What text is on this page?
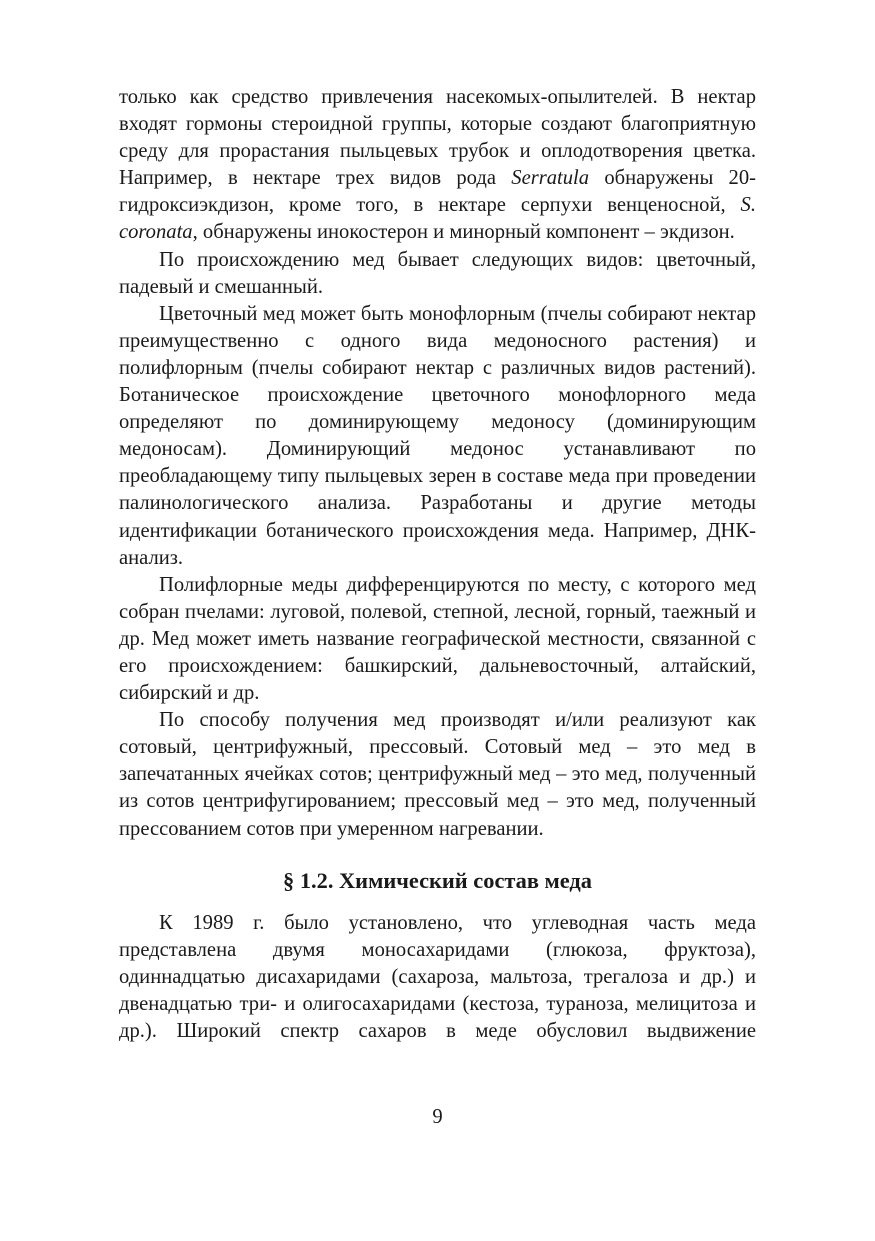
только как средство привлечения насекомых-опылителей. В нектар входят гормоны стероидной группы, которые создают благоприятную среду для прорастания пыльцевых трубок и оплодотворения цветка. Например, в нектаре трех видов рода Serratula обнаружены 20-гидроксиэкдизон, кроме того, в нектаре серпухи венценосной, S. coronata, обнаружены инокостерон и минорный компонент – экдизон.

По происхождению мед бывает следующих видов: цветочный, падевый и смешанный.

Цветочный мед может быть монофлорным (пчелы собирают нектар преимущественно с одного вида медоносного растения) и полифлорным (пчелы собирают нектар с различных видов растений). Ботаническое происхождение цветочного монофлорного меда определяют по доминирующему медоносу (доминирующим медоносам). Доминирующий медонос устанавливают по преобладающему типу пыльцевых зерен в составе меда при проведении палинологического анализа. Разработаны и другие методы идентификации ботанического происхождения меда. Например, ДНК-анализ.

Полифлорные меды дифференцируются по месту, с которого мед собран пчелами: луговой, полевой, степной, лесной, горный, таежный и др. Мед может иметь название географической местности, связанной с его происхождением: башкирский, дальневосточный, алтайский, сибирский и др.

По способу получения мед производят и/или реализуют как сотовый, центрифужный, прессовый. Сотовый мед – это мед в запечатанных ячейках сотов; центрифужный мед – это мед, полученный из сотов центрифугированием; прессовый мед – это мед, полученный прессованием сотов при умеренном нагревании.

§ 1.2. Химический состав меда

К 1989 г. было установлено, что углеводная часть меда представлена двумя моносахаридами (глюкоза, фруктоза), одиннадцатью дисахаридами (сахароза, мальтоза, трегалоза и др.) и двенадцатью три- и олигосахаридами (кестоза, тураноза, мелицитоза и др.). Широкий спектр сахаров в меде обусловил выдвижение

9
